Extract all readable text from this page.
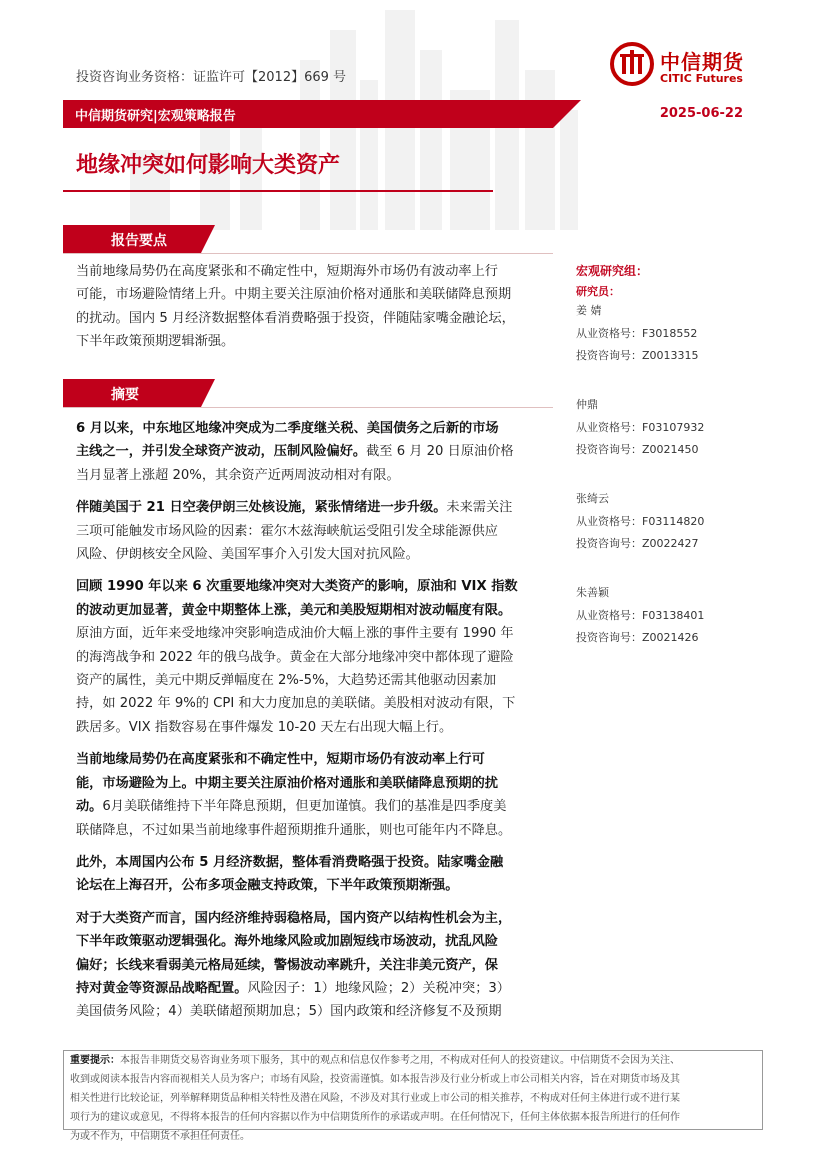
投资咨询业务资格：证监许可【2012】669 号
中信期货
CITIC Futures
中信期货研究|宏观策略报告	2025-06-22
地缘冲突如何影响大类资产
报告要点
当前地缘局势仍在高度紧张和不确定性中，短期海外市场仍有波动率上行
可能，市场避险情绪上升。中期主要关注原油价格对通胀和美联储降息预期
的扰动。国内 5 月经济数据整体看消费略强于投资，伴随陆家嘴金融论坛，
下半年政策预期逻辑渐强。
摘要
6 月以来，中东地区地缘冲突成为二季度继关税、美国债务之后新的市场
主线之一，并引发全球资产波动，压制风险偏好。截至 6 月 20 日原油价格
当月显著上涨超 20%，其余资产近两周波动相对有限。
伴随美国于 21 日空袭伊朗三处核设施，紧张情绪进一步升级。未来需关注
三项可能触发市场风险的因素：霍尔木兹海峡航运受阻引发全球能源供应
风险、伊朗核安全风险、美国军事介入引发大国对抗风险。
回顾 1990 年以来 6 次重要地缘冲突对大类资产的影响，原油和 VIX 指数
的波动更加显著，黄金中期整体上涨，美元和美股短期相对波动幅度有限。
原油方面，近年来受地缘冲突影响造成油价大幅上涨的事件主要有 1990 年
的海湾战争和 2022 年的俄乌战争。黄金在大部分地缘冲突中都体现了避险
资产的属性，美元中期反弹幅度在 2%-5%，大趋势还需其他驱动因素加
持，如 2022 年 9%的 CPI 和大力度加息的美联储。美股相对波动有限，下
跌居多。VIX 指数容易在事件爆发 10-20 天左右出现大幅上行。
当前地缘局势仍在高度紧张和不确定性中，短期市场仍有波动率上行可
能，市场避险为上。中期主要关注原油价格对通胀和美联储降息预期的扰
动。6月美联储维持下半年降息预期，但更加谨慎。我们的基准是四季度美
联储降息，不过如果当前地缘事件超预期推升通胀，则也可能年内不降息。
此外，本周国内公布 5 月经济数据，整体看消费略强于投资。陆家嘴金融
论坛在上海召开，公布多项金融支持政策，下半年政策预期渐强。
对于大类资产而言，国内经济维持弱稳格局，国内资产以结构性机会为主，
下半年政策驱动逻辑强化。海外地缘风险或加剧短线市场波动，扰乱风险
偏好；长线来看弱美元格局延续，警惕波动率跳升，关注非美元资产，保
持对黄金等资源品战略配置。风险因子：1）地缘风险；2）关税冲突；3）
美国债务风险；4）美联储超预期加息；5）国内政策和经济修复不及预期
宏观研究组：
研究员：
姜 婧
从业资格号：F3018552
投资咨询号：Z0013315
仲鼎
从业资格号：F03107932
投资咨询号：Z0021450
张绮云
从业资格号：F03114820
投资咨询号：Z0022427
朱善颖
从业资格号：F03138401
投资咨询号：Z0021426
重要提示：本报告非期货交易咨询业务项下服务，其中的观点和信息仅作参考之用，不构成对任何人的投资建议。中信期货不会因为关注、
收到或阅读本报告内容而视相关人员为客户；市场有风险，投资需谨慎。如本报告涉及行业分析或上市公司相关内容，旨在对期货市场及其
相关性进行比较论证，列举解释期货品种相关特性及潜在风险，不涉及对其行业或上市公司的相关推荐，不构成对任何主体进行或不进行某
项行为的建议或意见，不得将本报告的任何内容据以作为中信期货所作的承诺或声明。在任何情况下，任何主体依据本报告所进行的任何作
为或不作为，中信期货不承担任何责任。
